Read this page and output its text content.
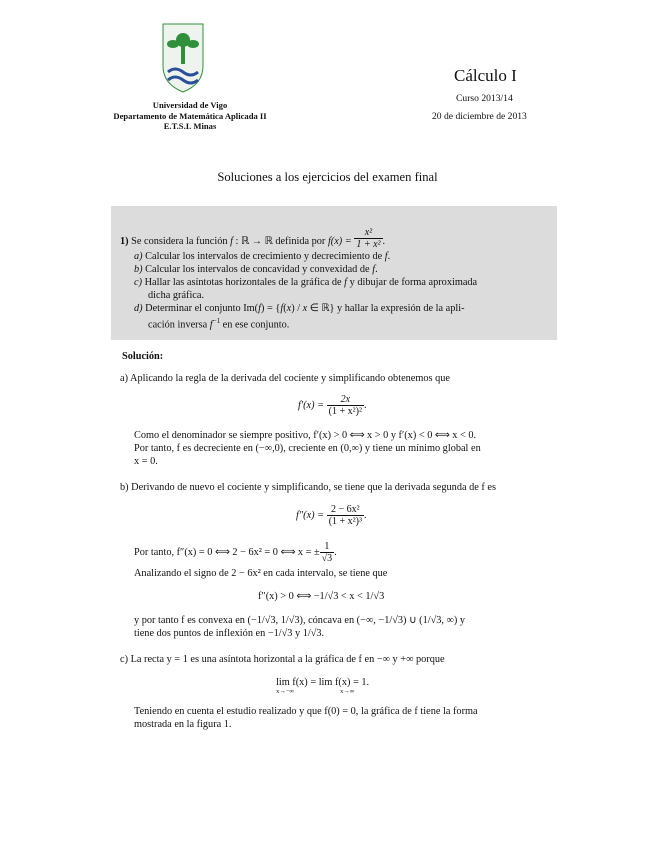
Universidad de Vigo
Departamento de Matemática Aplicada II
E.T.S.I. Minas
Cálculo I
Curso 2013/14
20 de diciembre de 2013
Soluciones a los ejercicios del examen final
1) Se considera la función f : ℝ → ℝ definida por $f(x) = \frac{\text{x²}}{\text{1 + x²}}$ .
a) Calcular los intervalos de crecimiento y decrecimiento de f.
b) Calcular los intervalos de concavidad y convexidad de f.
c) Hallar las asíntotas horizontales de la gráfica de f y dibujar de forma aproximada
dicha gráfica.
d) Determinar el conjunto Im(f) = {f(x) / x ∈ ℝ} y hallar la expresión de la apli-
cación inversa $f^{-1}$ en ese conjunto.
Solución:
a) Aplicando la regla de la derivada del cociente y simplificando obtenemos que
$f'(x) = \frac{2x}{\text{(1 + x²)²}}$ .
Como el denominador se siempre positivo, f′(x) > 0 ⟺ x > 0 y f′(x) < 0 ⟺ x < 0.
Por tanto, f es decreciente en (−∞,0), creciente en (0,∞) y tiene un mínimo global en
x = 0.
b) Derivando de nuevo el cociente y simplificando, se tiene que la derivada segunda de f es
$f''(x) = \frac{\text{2 − 6x²}}{\text{(1 + x²)³}}$ .
Por tanto, f″(x) = 0 ⟺ 2 − 6x² = 0 ⟺ x = ± $\frac{1}{√3}$ .
Analizando el signo de 2 − 6x² en cada intervalo, se tiene que
f″(x) > 0 ⟺ −1/√3 < x < 1/√3
y por tanto f es convexa en (−1/√3, 1/√3), cóncava en (−∞, −1/√3) ∪ (1/√3, ∞) y
tiene dos puntos de inflexión en −1/√3 y 1/√3.
c) La recta y = 1 es una asíntota horizontal a la gráfica de f en −∞ y +∞ porque
lim f(x) = lim f(x) = 1.
x→−∞	x→∞
Teniendo en cuenta el estudio realizado y que f(0) = 0, la gráfica de f tiene la forma
mostrada en la figura 1.
